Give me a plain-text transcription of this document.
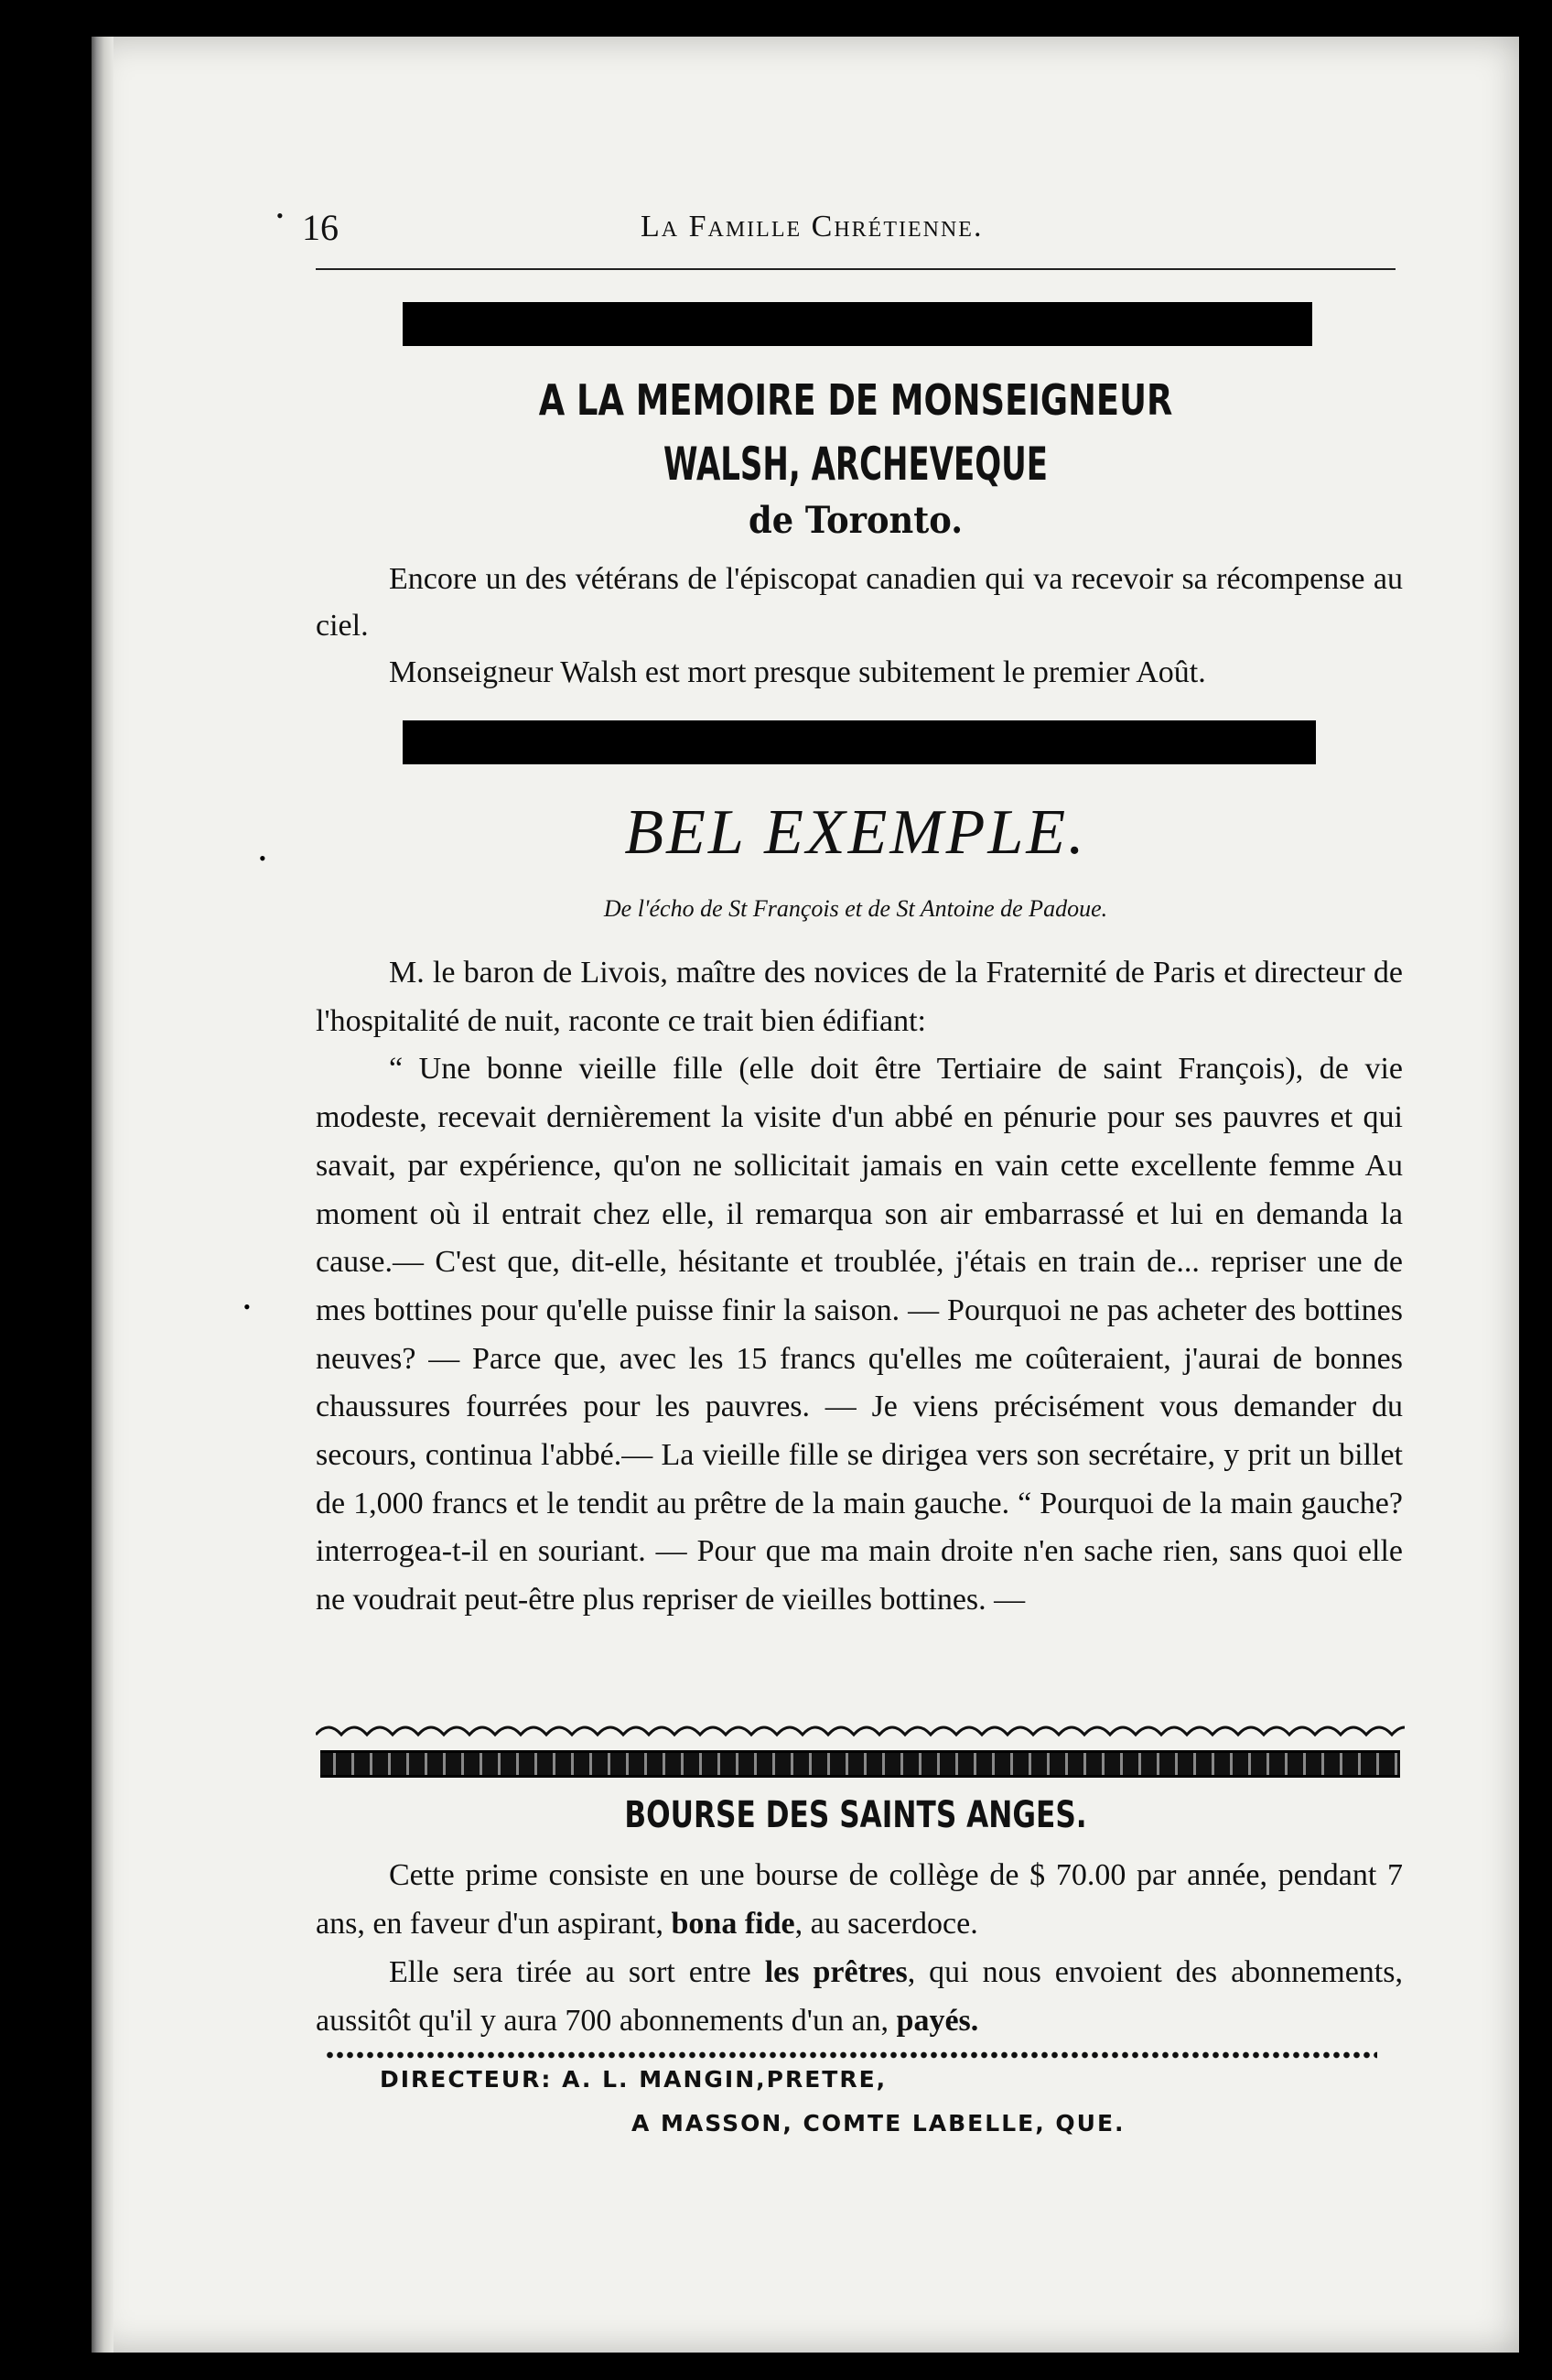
• 16	La Famille Chrétienne.
A LA MEMOIRE DE MONSEIGNEUR
WALSH, ARCHEVEQUE
de Toronto.

Encore un des vétérans de l'épiscopat canadien qui va recevoir sa récompense au ciel.

Monseigneur Walsh est mort presque subitement le premier Août.

BEL EXEMPLE.
De l'écho de St François et de St Antoine de Padoue.

M. le baron de Livois, maître des novices de la Fraternité de Paris et directeur de l'hospitalité de nuit, raconte ce trait bien édifiant:

“ Une bonne vieille fille (elle doit être Tertiaire de saint François), de vie modeste, recevait dernièrement la visite d'un abbé en pénurie pour ses pauvres et qui savait, par expérience, qu'on ne sollicitait jamais en vain cette excellente femme Au moment où il entrait chez elle, il remarqua son air embarrassé et lui en demanda la cause.— C'est que, dit-elle, hésitante et troublée, j'étais en train de... repriser une de mes bottines pour qu'elle puisse finir la saison. — Pourquoi ne pas acheter des bottines neuves? — Parce que, avec les 15 francs qu'elles me coûteraient, j'aurai de bonnes chaussures fourrées pour les pauvres. — Je viens précisément vous demander du secours, continua l'abbé.— La vieille fille se dirigea vers son secrétaire, y prit un billet de 1,000 francs et le tendit au prêtre de la main gauche. “ Pourquoi de la main gauche? interrogea-t-il en souriant. — Pour que ma main droite n'en sache rien, sans quoi elle ne voudrait peut-être plus repriser de vieilles bottines. —

BOURSE DES SAINTS ANGES.

Cette prime consiste en une bourse de collège de $ 70.00 par année, pendant 7 ans, en faveur d'un aspirant, bona fide, au sacerdoce.

Elle sera tirée au sort entre les prêtres, qui nous envoient des abonnements, aussitôt qu'il y aura 700 abonnements d'un an, payés.

DIRECTEUR: A. L. MANGIN,PRETRE,
A MASSON, COMTE LABELLE, QUE.
•
•
